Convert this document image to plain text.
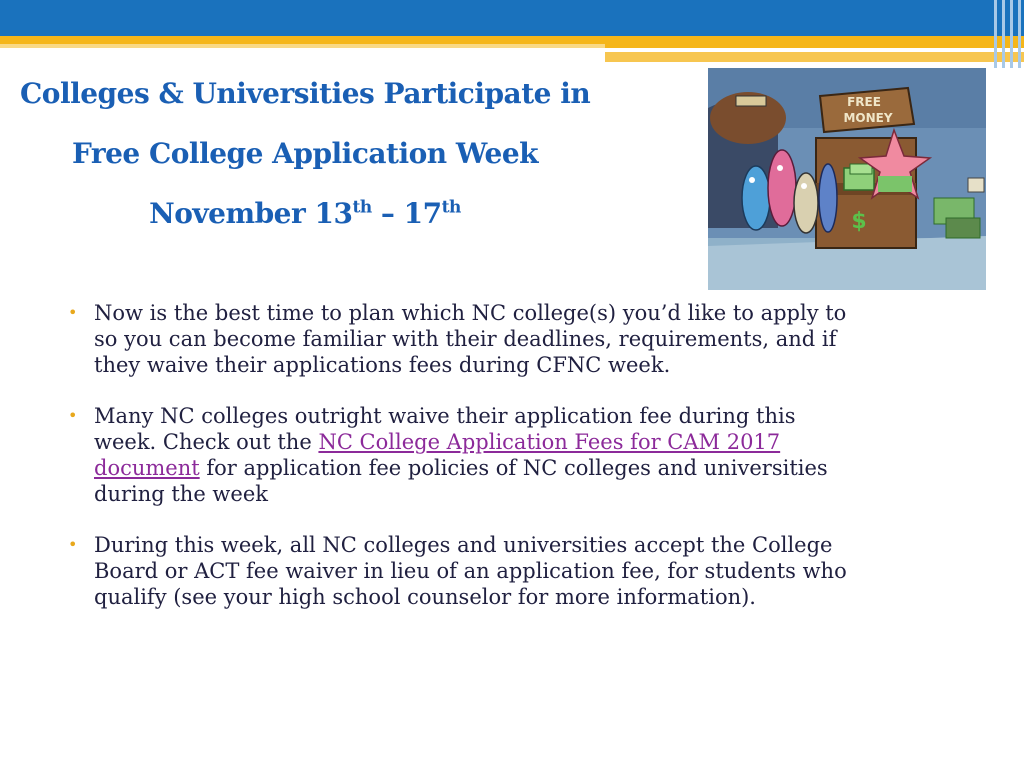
Colleges & Universities Participate in
Free College Application Week
November 13th – 17th
FREE
MONEY
$
• Now is the best time to plan which NC college(s) you’d like to apply to so you can become familiar with their deadlines, requirements, and if they waive their applications fees during CFNC week.
• Many NC colleges outright waive their application fee during this week. Check out the NC College Application Fees for CAM 2017 document for application fee policies of NC colleges and universities during the week
• During this week, all NC colleges and universities accept the College Board or ACT fee waiver in lieu of an application fee, for students who qualify (see your high school counselor for more information).
